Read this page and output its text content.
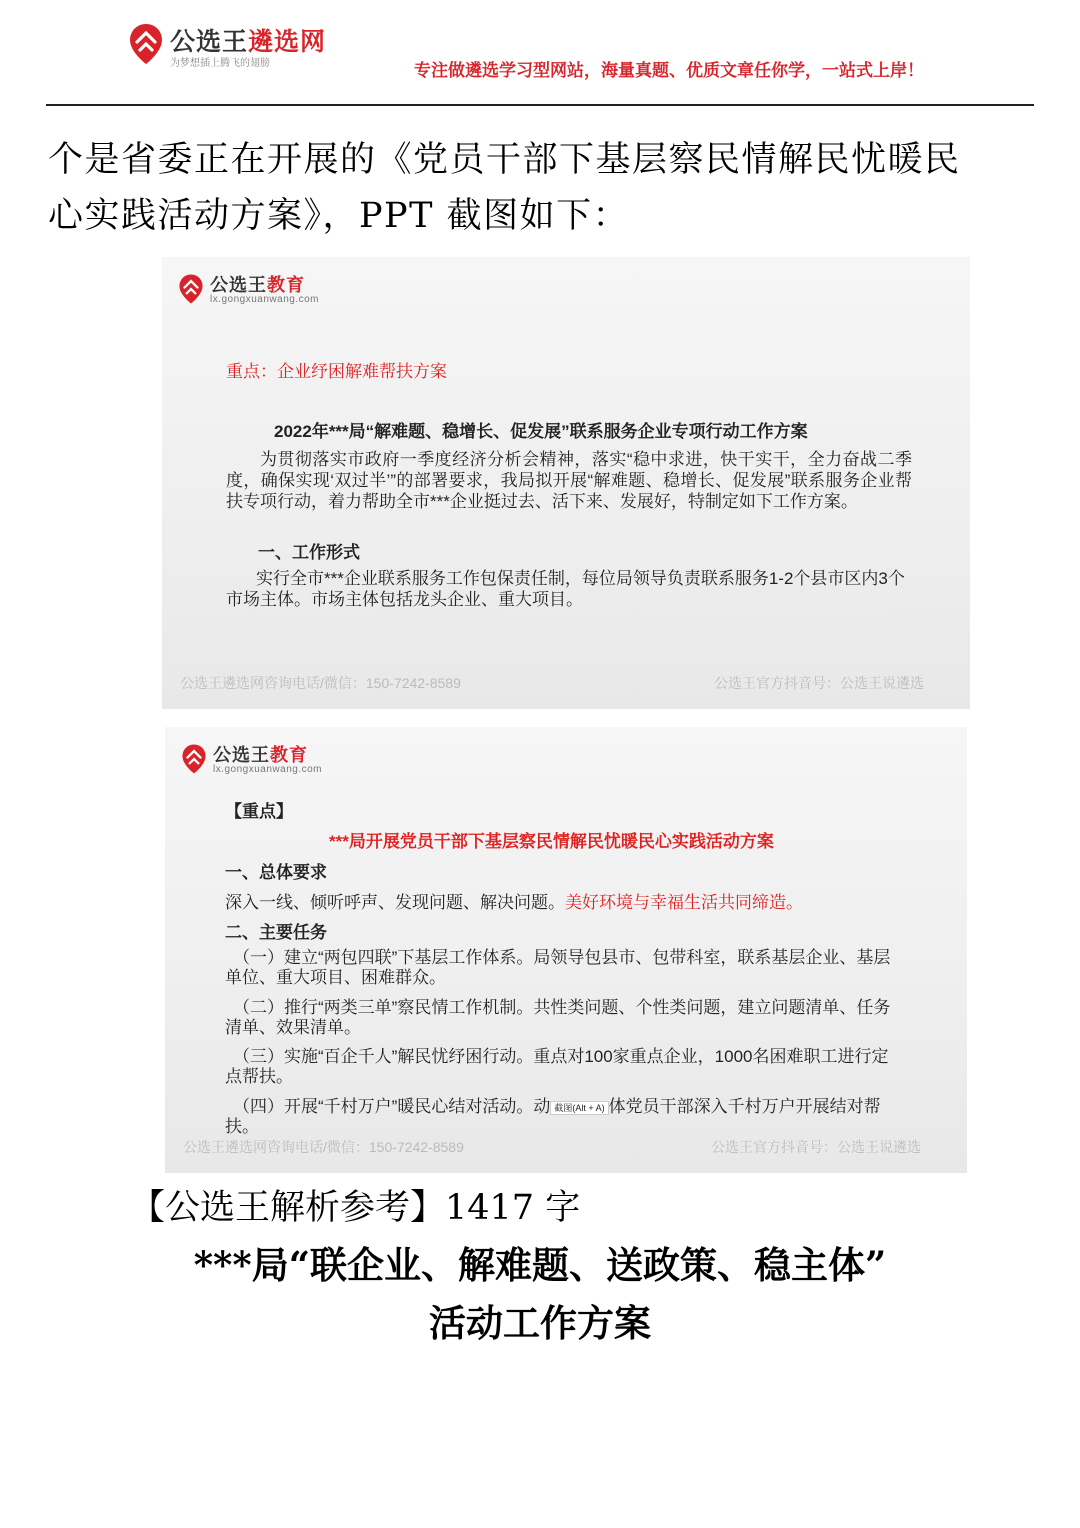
公选王遴选网
为梦想插上腾飞的翅膀	专注做遴选学习型网站，海量真题、优质文章任你学，一站式上岸！

个是省委正在开展的《党员干部下基层察民情解民忧暖民

心实践活动方案》，PPT 截图如下：

公选王教育
lx.gongxuanwang.com
重点：企业纾困解难帮扶方案
2022年***局“解难题、稳增长、促发展”联系服务企业专项行动工作方案

为贯彻落实市政府一季度经济分析会精神，落实“稳中求进，快干实干，全力奋战二季度，确保实现‘双过半’”的部署要求，我局拟开展“解难题、稳增长、促发展”联系服务企业帮扶专项行动，着力帮助全市***企业挺过去、活下来、发展好，特制定如下工作方案。

一、工作形式

实行全市***企业联系服务工作包保责任制，每位局领导负责联系服务1-2个县市区内3个市场主体。市场主体包括龙头企业、重大项目。

公选王遴选网咨询电话/微信：150-7242-8589	公选王官方抖音号：公选王说遴选
公选王教育
lx.gongxuanwang.com
【重点】
***局开展党员干部下基层察民情解民忧暖民心实践活动方案
一、总体要求
深入一线、倾听呼声、发现问题、解决问题。美好环境与幸福生活共同缔造。
二、主要任务

（一）建立“两包四联”下基层工作体系。局领导包县市、包带科室，联系基层企业、基层单位、重大项目、困难群众。

（二）推行“两类三单”察民情工作机制。共性类问题、个性类问题，建立问题清单、任务清单、效果清单。

（三）实施“百企千人”解民忧纾困行动。重点对100家重点企业，1000名困难职工进行定点帮扶。

（四）开展“千村万户”暖民心结对活动。动 截图(Alt + A) 体党员干部深入千村万户开展结对帮扶。

公选王遴选网咨询电话/微信：150-7242-8589	公选王官方抖音号：公选王说遴选
【公选王解析参考】1417 字

***局“联企业、解难题、送政策、稳主体”

活动工作方案
